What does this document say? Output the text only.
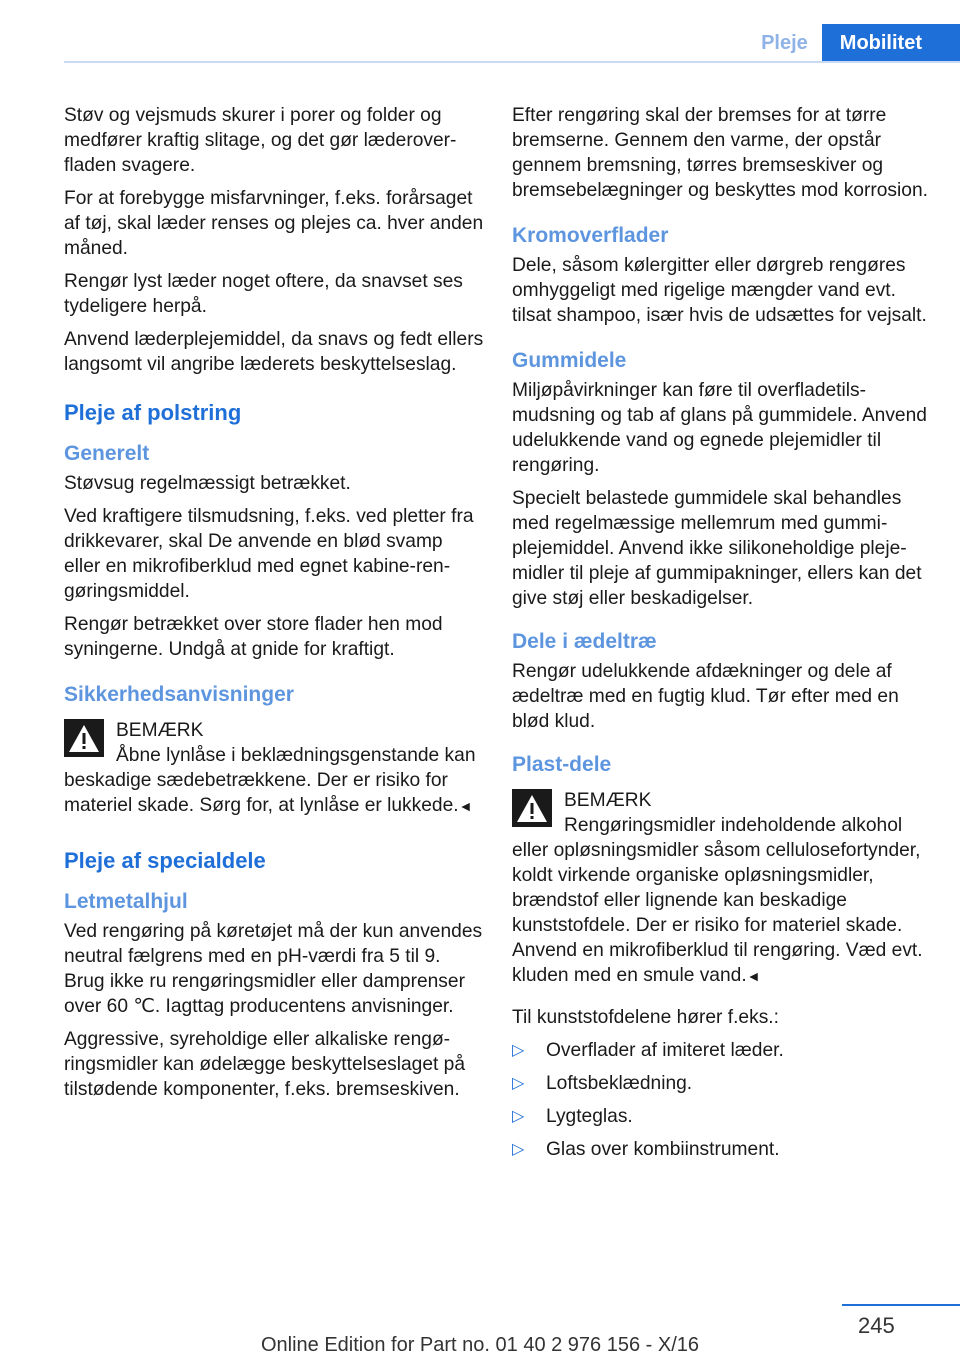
Pleje	Mobilitet

Støv og vejsmuds skurer i porer og folder og medfører kraftig slitage, og det gør læderoverfladen svagere.

For at forebygge misfarvninger, f.eks. forårsaget af tøj, skal læder renses og plejes ca. hver anden måned.

Rengør lyst læder noget oftere, da snavset ses tydeligere herpå.

Anvend læderplejemiddel, da snavs og fedt ellers langsomt vil angribe læderets beskyttelseslag.

Pleje af polstring
Generelt

Støvsug regelmæssigt betrækket.

Ved kraftigere tilsmudsning, f.eks. ved pletter fra drikkevarer, skal De anvende en blød svamp eller en mikrofiberklud med egnet kabine-rengøringsmiddel.

Rengør betrækket over store flader hen mod syningerne. Undgå at gnide for kraftigt.

Sikkerhedsanvisninger
BEMÆRK
Åbne lynlåse i beklædningsgenstande kan beskadige sædebetrækkene. Der er risiko for materiel skade. Sørg for, at lynlåse er lukkede.◄
Pleje af specialdele
Letmetalhjul

Ved rengøring på køretøjet må der kun anvendes neutral fælgrens med en pH-værdi fra 5 til 9. Brug ikke ru rengøringsmidler eller damprenser over 60 ℃. Iagttag producentens anvisninger.

Aggressive, syreholdige eller alkaliske rengøringsmidler kan ødelægge beskyttelseslaget på tilstødende komponenter, f.eks. bremseskiven.

Efter rengøring skal der bremses for at tørre bremserne. Gennem den varme, der opstår gennem bremsning, tørres bremseskiver og bremsebelægninger og beskyttes mod korrosion.

Kromoverflader

Dele, såsom kølergitter eller dørgreb rengøres omhyggeligt med rigelige mængder vand evt. tilsat shampoo, især hvis de udsættes for vejsalt.

Gummidele

Miljøpåvirkninger kan føre til overfladetilsmudsning og tab af glans på gummidele. Anvend udelukkende vand og egnede plejemidler til rengøring.

Specielt belastede gummidele skal behandles med regelmæssige mellemrum med gummiplejemiddel. Anvend ikke silikoneholdige plejemidler til pleje af gummipakninger, ellers kan det give støj eller beskadigelser.

Dele i ædeltræ

Rengør udelukkende afdækninger og dele af ædeltræ med en fugtig klud. Tør efter med en blød klud.

Plast-dele
BEMÆRK
Rengøringsmidler indeholdende alkohol eller opløsningsmidler såsom cellulosefortynder, koldt virkende organiske opløsningsmidler, brændstof eller lignende kan beskadige kunststofdele. Der er risiko for materiel skade. Anvend en mikrofiberklud til rengøring. Væd evt. kluden med en smule vand.◄

Til kunststofdelene hører f.eks.:

▷ Overflader af imiteret læder.
▷ Loftsbeklædning.
▷ Lygteglas.
▷ Glas over kombiinstrument.
245
Online Edition for Part no. 01 40 2 976 156 - X/16
